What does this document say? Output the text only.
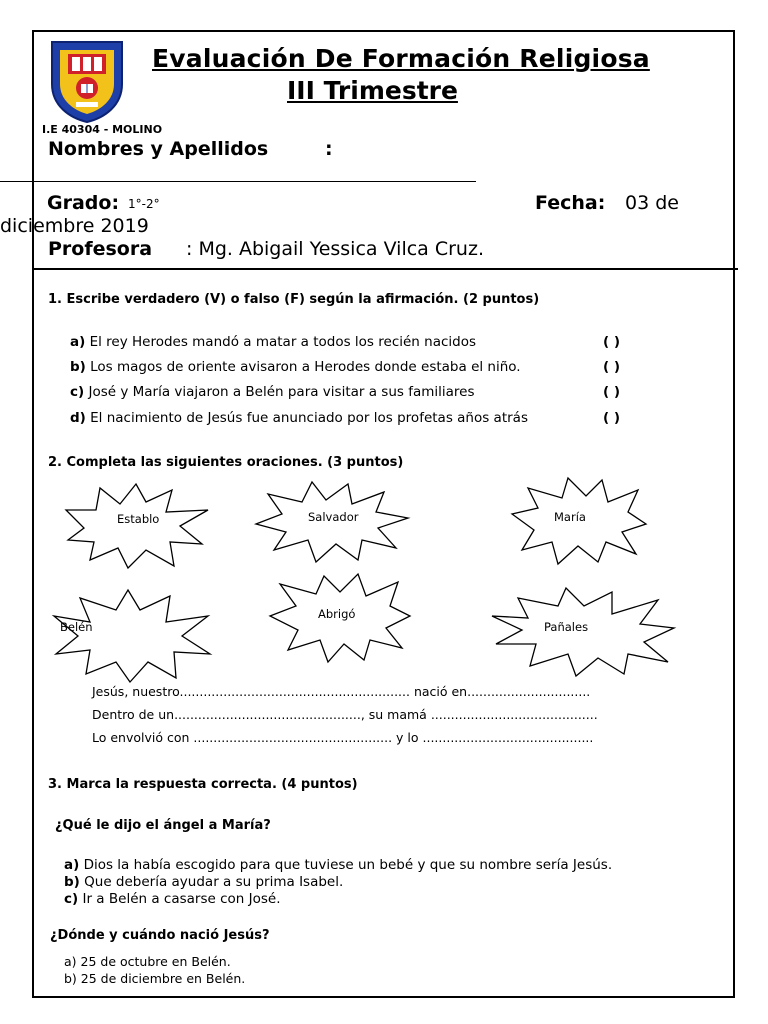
Evaluación De Formación Religiosa
III Trimestre
I.E 40304 - MOLINO
Nombres y Apellidos	:
Grado: 1°-2°	Fecha: 03 de
diciembre 2019
Profesora : Mg. Abigail Yessica Vilca Cruz.
1. Escribe verdadero (V) o falso (F) según la afirmación. (2 puntos)
a) El rey Herodes mandó a matar a todos los recién nacidos	( )
b) Los magos de oriente avisaron a Herodes donde estaba el niño.	( )
c) José y María viajaron a Belén para visitar a sus familiares	( )
d) El nacimiento de Jesús fue anunciado por los profetas años atrás	( )
2. Completa las siguientes oraciones. (3 puntos)
Establo	Salvador	María
Belén
Abrigó
Pañales
Jesús, nuestro.......................................................... nació en...............................
Dentro de un..............................................., su mamá ..........................................
Lo envolvió con .................................................. y lo ...........................................
3. Marca la respuesta correcta. (4 puntos)
¿Qué le dijo el ángel a María?
a) Dios la había escogido para que tuviese un bebé y que su nombre sería Jesús.
b) Que debería ayudar a su prima Isabel.
c) Ir a Belén a casarse con José.
¿Dónde y cuándo nació Jesús?
a) 25 de octubre en Belén.
b) 25 de diciembre en Belén.
